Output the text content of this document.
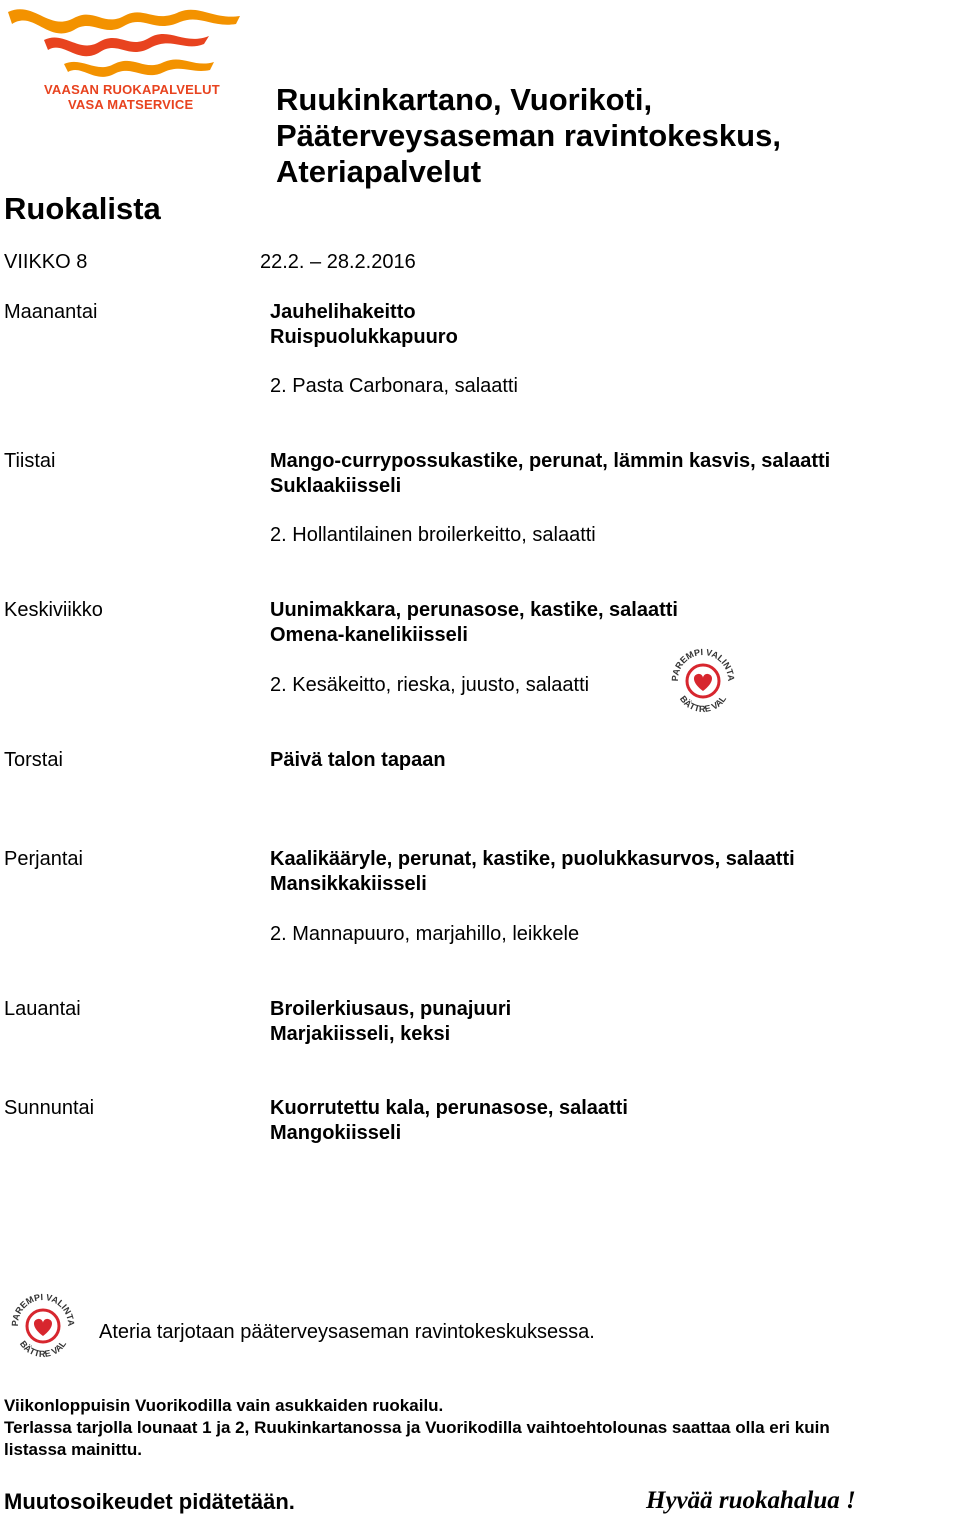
VAASAN RUOKAPALVELUT
VASA MATSERVICE	Ruukinkartano, Vuorikoti,
Pääterveysaseman ravintokeskus,
Ateriapalvelut
Ruokalista
VIIKKO 8	22.2. – 28.2.2016
Maanantai	Jauhelihakeitto
Ruispuolukkapuuro
2. Pasta Carbonara, salaatti
Tiistai	Mango-currypossukastike, perunat, lämmin kasvis, salaatti
Suklaakiisseli
2. Hollantilainen broilerkeitto, salaatti
Keskiviikko	Uunimakkara, perunasose, kastike, salaatti
Omena-kanelikiisseli
2. Kesäkeitto, rieska, juusto, salaatti	PAREMPI VALINTA
BÄTTRE VAL
Torstai	Päivä talon tapaan
Perjantai	Kaalikääryle, perunat, kastike, puolukkasurvos, salaatti
Mansikkakiisseli
2. Mannapuuro, marjahillo, leikkele
Lauantai	Broilerkiusaus, punajuuri
Marjakiisseli, keksi
Sunnuntai	Kuorrutettu kala, perunasose, salaatti
Mangokiisseli
PAREMPI VALINTA
BÄTTRE VAL
Ateria tarjotaan pääterveysaseman ravintokeskuksessa.
Viikonloppuisin Vuorikodilla vain asukkaiden ruokailu.
Terlassa tarjolla lounaat 1 ja 2, Ruukinkartanossa ja Vuorikodilla vaihtoehtolounas saattaa olla eri kuin
listassa mainittu.
Muutosoikeudet pidätetään.	Hyvää ruokahalua !
